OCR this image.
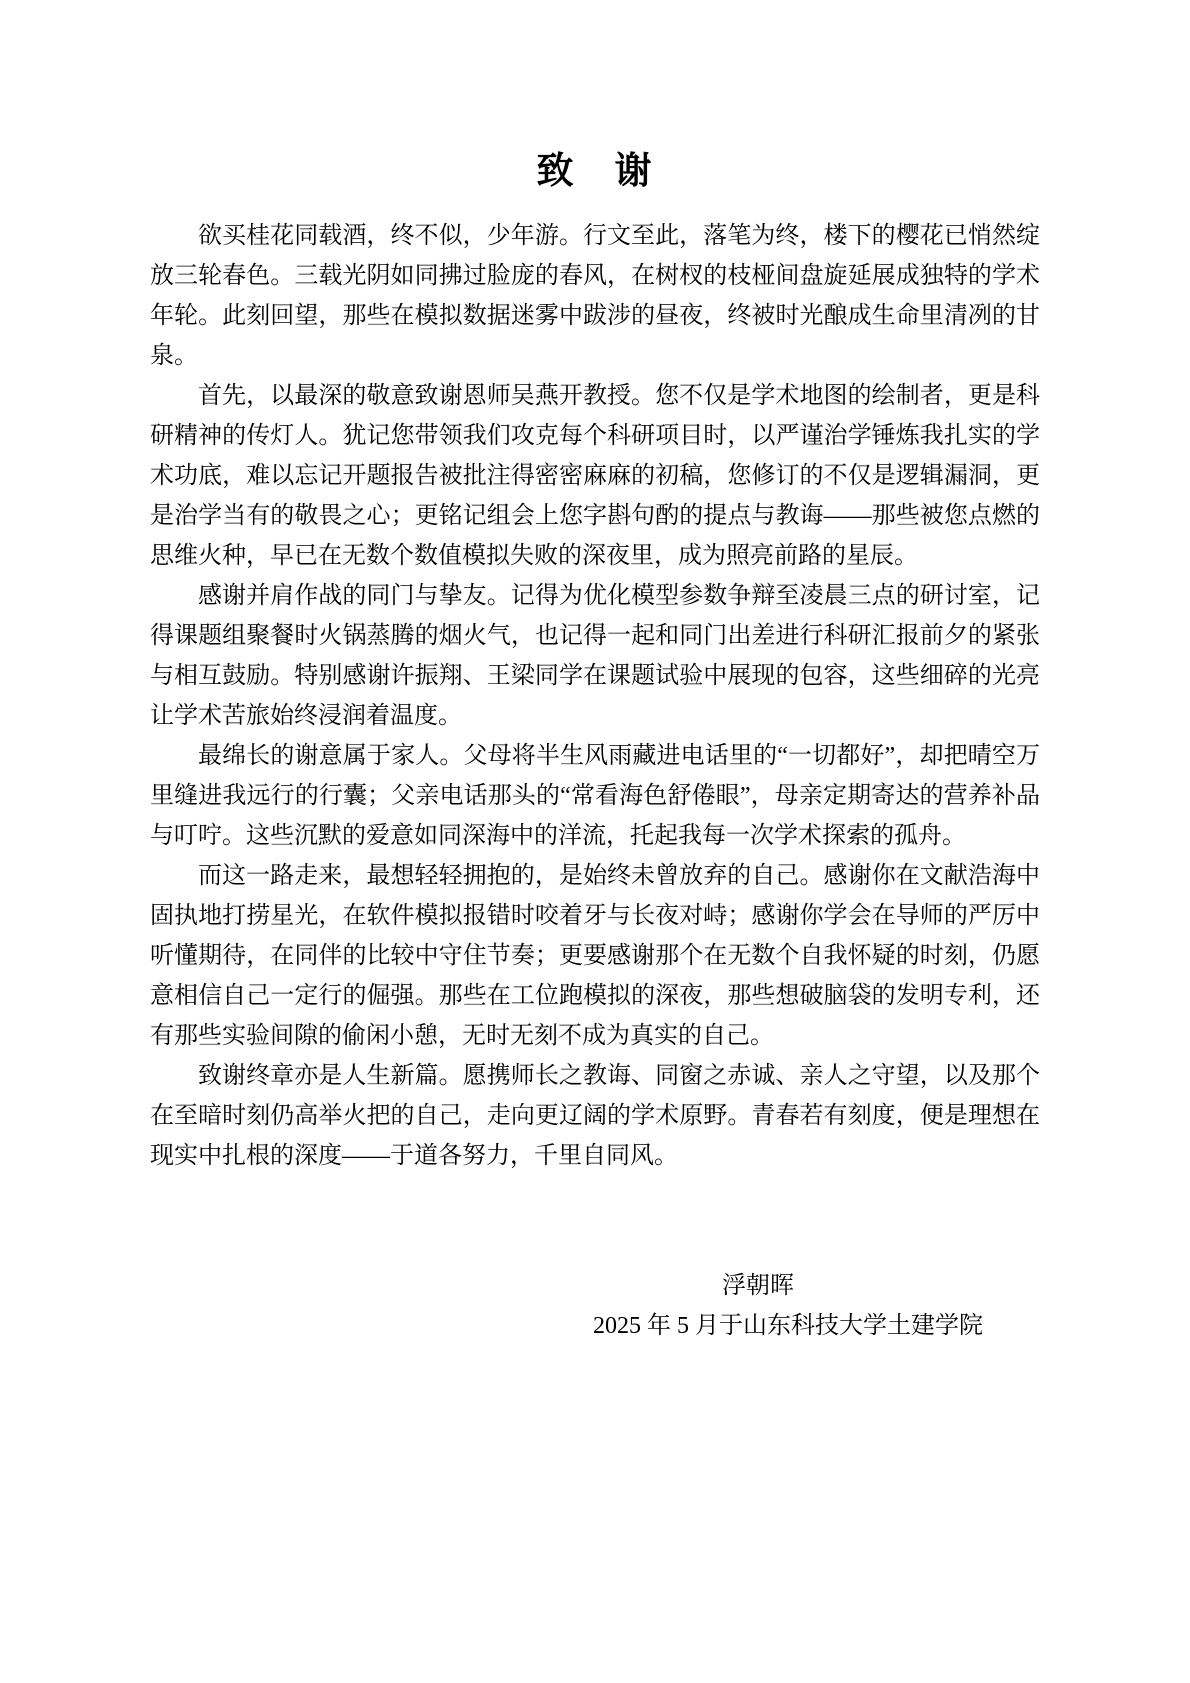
致　谢

欲买桂花同载酒，终不似，少年游。行文至此，落笔为终，楼下的樱花已悄然绽放三轮春色。三载光阴如同拂过脸庞的春风，在树杈的枝桠间盘旋延展成独特的学术年轮。此刻回望，那些在模拟数据迷雾中跋涉的昼夜，终被时光酿成生命里清冽的甘泉。

首先，以最深的敬意致谢恩师吴燕开教授。您不仅是学术地图的绘制者，更是科研精神的传灯人。犹记您带领我们攻克每个科研项目时，以严谨治学锤炼我扎实的学术功底，难以忘记开题报告被批注得密密麻麻的初稿，您修订的不仅是逻辑漏洞，更是治学当有的敬畏之心；更铭记组会上您字斟句酌的提点与教诲——那些被您点燃的思维火种，早已在无数个数值模拟失败的深夜里，成为照亮前路的星辰。

感谢并肩作战的同门与挚友。记得为优化模型参数争辩至凌晨三点的研讨室，记得课题组聚餐时火锅蒸腾的烟火气，也记得一起和同门出差进行科研汇报前夕的紧张与相互鼓励。特别感谢许振翔、王梁同学在课题试验中展现的包容，这些细碎的光亮让学术苦旅始终浸润着温度。

最绵长的谢意属于家人。父母将半生风雨藏进电话里的“一切都好”，却把晴空万里缝进我远行的行囊；父亲电话那头的“常看海色舒倦眼”，母亲定期寄达的营养补品与叮咛。这些沉默的爱意如同深海中的洋流，托起我每一次学术探索的孤舟。

而这一路走来，最想轻轻拥抱的，是始终未曾放弃的自己。感谢你在文献浩海中固执地打捞星光，在软件模拟报错时咬着牙与长夜对峙；感谢你学会在导师的严厉中听懂期待，在同伴的比较中守住节奏；更要感谢那个在无数个自我怀疑的时刻，仍愿意相信自己一定行的倔强。那些在工位跑模拟的深夜，那些想破脑袋的发明专利，还有那些实验间隙的偷闲小憩，无时无刻不成为真实的自己。

致谢终章亦是人生新篇。愿携师长之教诲、同窗之赤诚、亲人之守望，以及那个在至暗时刻仍高举火把的自己，走向更辽阔的学术原野。青春若有刻度，便是理想在现实中扎根的深度——于道各努力，千里自同风。

浮朝晖
2025 年 5 月于山东科技大学土建学院
